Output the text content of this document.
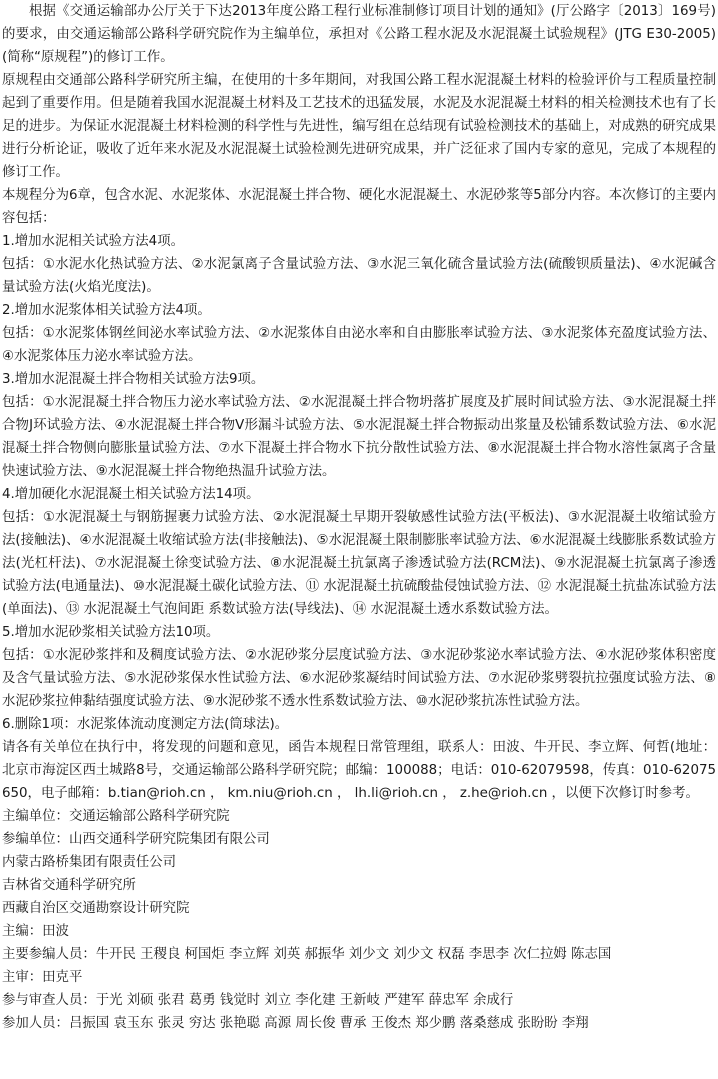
根据《交通运输部办公厅关于下达2013年度公路工程行业标准制修订项目计划的通知》(厅公路字〔2013〕169号)的要求，由交通运输部公路科学研究院作为主编单位，承担对《公路工程水泥及水泥混凝土试验规程》(JTG E30-2005)(简称“原规程”)的修订工作。

原规程由交通部公路科学研究所主编，在使用的十多年期间，对我国公路工程水泥混凝土材料的检验评价与工程质量控制起到了重要作用。但是随着我国水泥混凝土材料及工艺技术的迅猛发展，水泥及水泥混凝土材料的相关检测技术也有了长足的进步。为保证水泥混凝土材料检测的科学性与先进性，编写组在总结现有试验检测技术的基础上，对成熟的研究成果进行分析论证，吸收了近年来水泥及水泥混凝土试验检测先进研究成果，并广泛征求了国内专家的意见，完成了本规程的修订工作。

本规程分为6章，包含水泥、水泥浆体、水泥混凝土拌合物、硬化水泥混凝土、水泥砂浆等5部分内容。本次修订的主要内容包括：

1.增加水泥相关试验方法4项。

包括：①水泥水化热试验方法、②水泥氯离子含量试验方法、③水泥三氧化硫含量试验方法(硫酸钡质量法)、④水泥碱含量试验方法(火焰光度法)。

2.增加水泥浆体相关试验方法4项。

包括：①水泥浆体钢丝间泌水率试验方法、②水泥浆体自由泌水率和自由膨胀率试验方法、③水泥浆体充盈度试验方法、④水泥浆体压力泌水率试验方法。

3.增加水泥混凝土拌合物相关试验方法9项。

包括：①水泥混凝土拌合物压力泌水率试验方法、②水泥混凝土拌合物坍落扩展度及扩展时间试验方法、③水泥混凝土拌合物J环试验方法、④水泥混凝土拌合物V形漏斗试验方法、⑤水泥混凝土拌合物振动出浆量及松铺系数试验方法、⑥水泥混凝土拌合物侧向膨胀量试验方法、⑦水下混凝土拌合物水下抗分散性试验方法、⑧水泥混凝土拌合物水溶性氯离子含量快速试验方法、⑨水泥混凝土拌合物绝热温升试验方法。

4.增加硬化水泥混凝土相关试验方法14项。

包括：①水泥混凝土与钢筋握裹力试验方法、②水泥混凝土早期开裂敏感性试验方法(平板法)、③水泥混凝土收缩试验方法(接触法)、④水泥混凝土收缩试验方法(非接触法)、⑤水泥混凝土限制膨胀率试验方法、⑥水泥混凝土线膨胀系数试验方法(光杠杆法)、⑦水泥混凝土徐变试验方法、⑧水泥混凝土抗氯离子渗透试验方法(RCM法)、⑨水泥混凝土抗氯离子渗透试验方法(电通量法)、⑩水泥混凝土碳化试验方法、⑪ 水泥混凝土抗硫酸盐侵蚀试验方法、⑫ 水泥混凝土抗盐冻试验方法(单面法)、⑬ 水泥混凝土气泡间距 系数试验方法(导线法)、⑭ 水泥混凝土透水系数试验方法。

5.增加水泥砂浆相关试验方法10项。

包括：①水泥砂浆拌和及稠度试验方法、②水泥砂浆分层度试验方法、③水泥砂浆泌水率试验方法、④水泥砂浆体积密度及含气量试验方法、⑤水泥砂浆保水性试验方法、⑥水泥砂浆凝结时间试验方法、⑦水泥砂浆劈裂抗拉强度试验方法、⑧水泥砂浆拉伸黏结强度试验方法、⑨水泥砂浆不透水性系数试验方法、⑩水泥砂浆抗冻性试验方法。

6.删除1项：水泥浆体流动度测定方法(筒球法)。

请各有关单位在执行中，将发现的问题和意见，函告本规程日常管理组，联系人：田波、牛开民、李立辉、何哲(地址：北京市海淀区西土城路8号，交通运输部公路科学研究院；邮编：100088；电话：010-62079598，传真：010-62075650，电子邮箱：b.tian@rioh.cn ， km.niu@rioh.cn ， lh.li@rioh.cn ， z.he@rioh.cn ，以便下次修订时参考。

主编单位：交通运输部公路科学研究院

参编单位：山西交通科学研究院集团有限公司

内蒙古路桥集团有限责任公司

吉林省交通科学研究所

西藏自治区交通勘察设计研究院

主编：田波

主要参编人员：牛开民 王稷良 柯国炬 李立辉 刘英 郝振华 刘少文 刘少文 权磊 李思李 次仁拉姆 陈志国

主审：田克平

参与审查人员：于光 刘硕 张君 葛勇 钱觉时 刘立 李化建 王新岐 严建军 薛忠军 余成行

参加人员：吕振国 袁玉东 张灵 穷达 张艳聪 高源 周长俊 曹承 王俊杰 郑少鹏 落桑慈成 张盼盼 李翔
